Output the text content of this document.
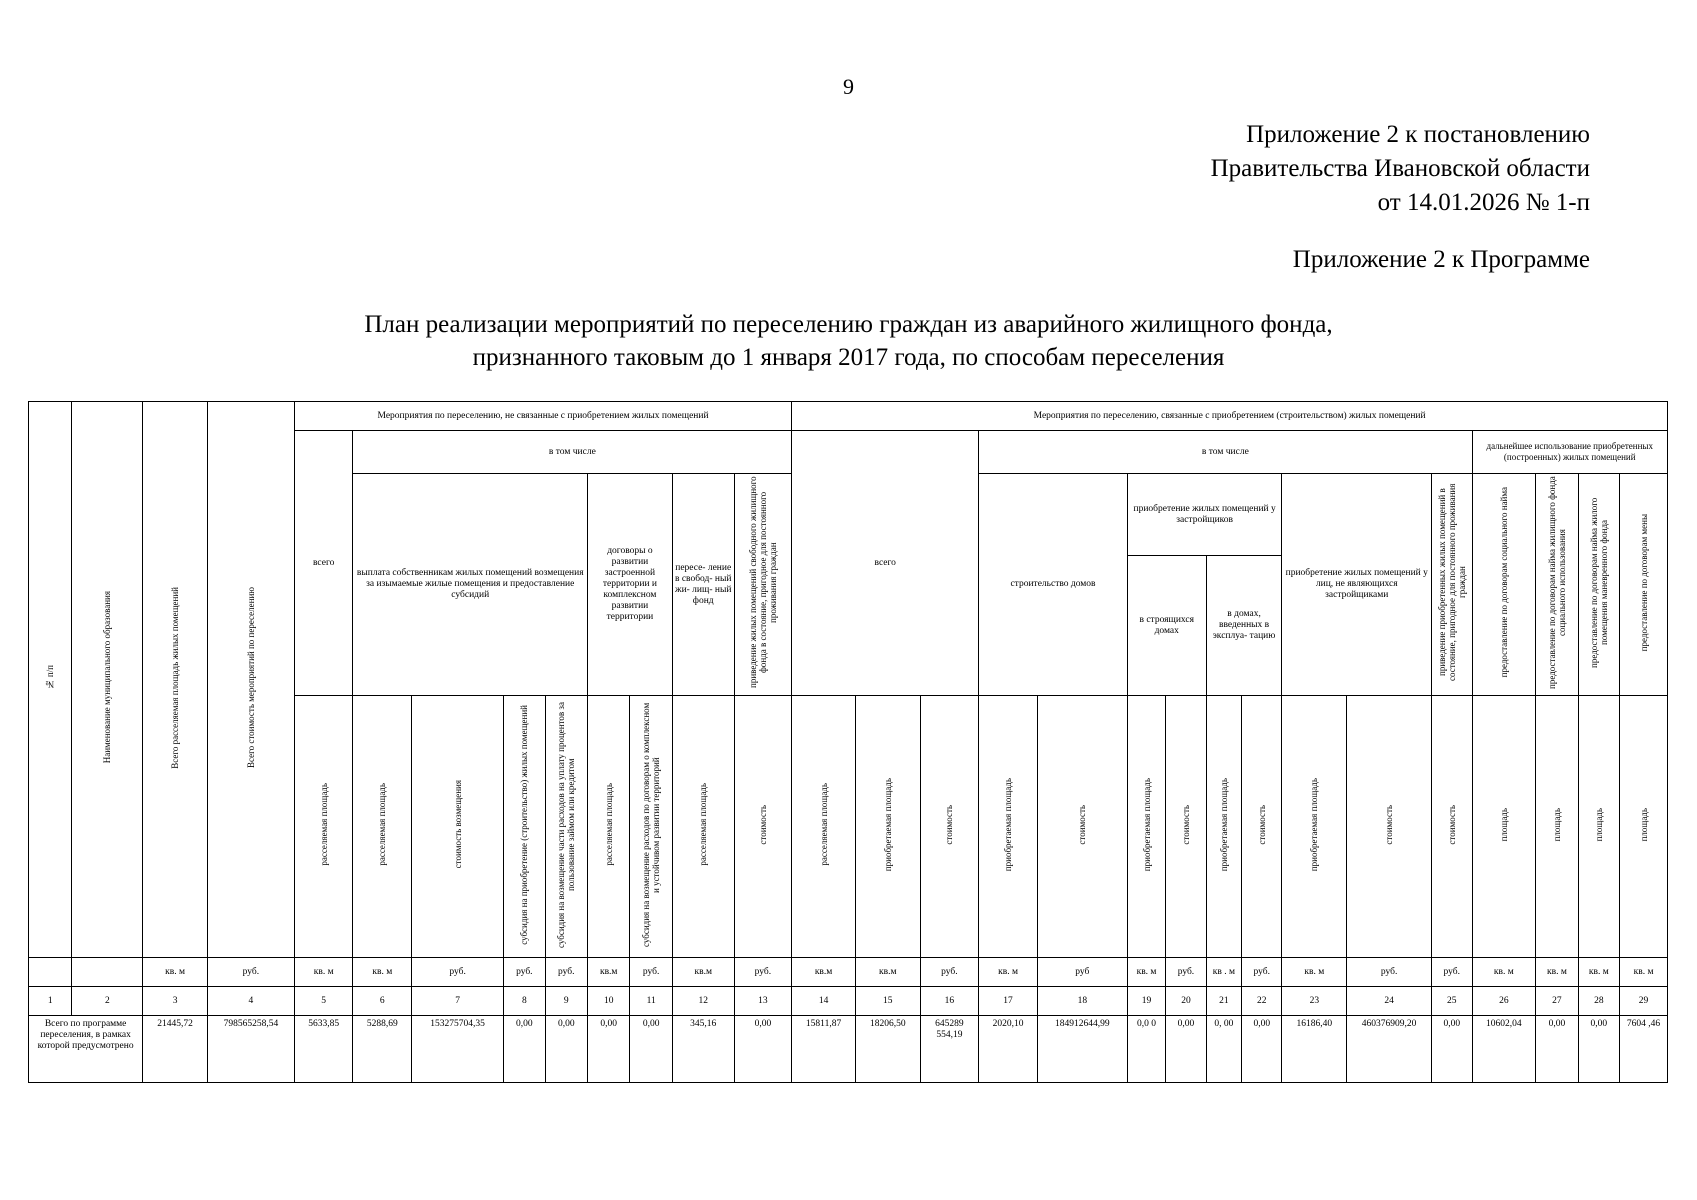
9
Приложение 2 к постановлению
Правительства Ивановской области
от 14.01.2026 № 1-п
Приложение 2 к Программе
План реализации мероприятий по переселению граждан из аварийного жилищного фонда,
признанного таковым до 1 января 2017 года, по способам переселения
№ п/п	Наименование муниципального образования	Всего расселяемая площадь жилых помещений	Всего стоимость мероприятий по переселению	Мероприятия по переселению, не связанные с приобретением жилых помещений									Мероприятия по переселению, связанные с приобретением (строительством) жилых помещений															
				всего	в том числе								всего			в том числе									дальнейшее использование приобретенных (построенных) жилых помещений			
					выплата собственникам жилых помещений возмещения за изымаемые жилые помещения и предоставление субсидий				договоры о развитии застроенной территории и комплексном развитии территории		пересе- ление в свобод- ный жи- лищ- ный фонд	приведение жилых помещений свободного жилищного фонда в состояние, пригодное для постоянного проживания граждан				строительство домов		приобретение жилых помещений у застройщиков				приобретение жилых помещений у лиц, не являющихся застройщиками		приведение приобретенных жилых помещений в состояние, пригодное для постоянного проживания граждан	предоставление по договорам социального найма	предоставление по договорам найма жилищного фонда социального использования	предоставление по договорам найма жилого помещения маневренного фонда	предоставление по договорам мены
																		в строящихся домах		в домах, введенных в эксплуа- тацию								
				расселяемая площадь	расселяемая площадь	стоимость возмещения	субсидия на приобретение (строительство) жилых помещений	субсидия на возмещение части расходов на уплату процентов за пользование займом или кредитом	расселяемая площадь	субсидия на возмещение расходов по договорам о комплексном и устойчивом развитии территорий	расселяемая площадь	стоимость	расселяемая площадь	приобретаемая площадь	стоимость	приобретаемая площадь	стоимость	приобретаемая площадь	стоимость	приобретаемая площадь	стоимость	приобретаемая площадь	стоимость	стоимость	площадь	площадь	площадь	площадь
		кв. м	руб.	кв. м	кв. м	руб.	руб.	руб.	кв.м	руб.	кв.м	руб.	кв.м	кв.м	руб.	кв. м	руб	кв. м	руб.	кв . м	руб.	кв. м	руб.	руб.	кв. м	кв. м	кв. м	кв. м
1	2	3	4	5	6	7	8	9	10	11	12	13	14	15	16	17	18	19	20	21	22	23	24	25	26	27	28	29
Всего по программе переселения, в рамках которой предусмотрено		21445,72	798565258,54	5633,85	5288,69	153275704,35	0,00	0,00	0,00	0,00	345,16	0,00	15811,87	18206,50	645289 554,19	2020,10	184912644,99	0,0 0	0,00	0, 00	0,00	16186,40	460376909,20	0,00	10602,04	0,00	0,00	7604 ,46
